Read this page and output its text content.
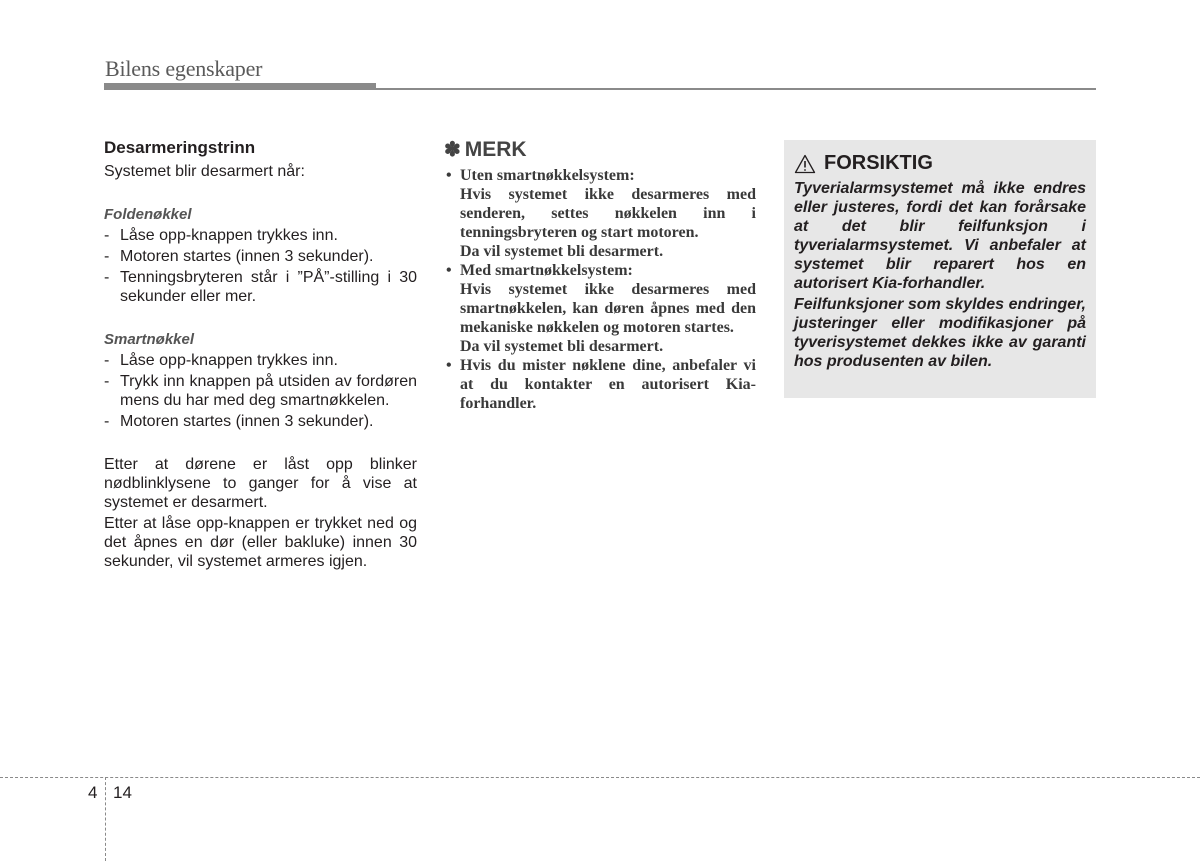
Bilens egenskaper
Desarmeringstrinn

Systemet blir desarmert når:

Foldenøkkel
- Låse opp-knappen trykkes inn.
- Motoren startes (innen 3 sekunder).
- Tenningsbryteren står i ”PÅ”-stilling i 30 sekunder eller mer.
Smartnøkkel
- Låse opp-knappen trykkes inn.
- Trykk inn knappen på utsiden av fordøren mens du har med deg smartnøkkelen.
- Motoren startes (innen 3 sekunder).

Etter at dørene er låst opp blinker nødblinklysene to ganger for å vise at systemet er desarmert.

Etter at låse opp-knappen er trykket ned og det åpnes en dør (eller bakluke) innen 30 sekunder, vil systemet armeres igjen.

✽ MERK
• Uten smartnøkkelsystem:
Hvis systemet ikke desarmeres med senderen, settes nøkkelen inn i tenningsbryteren og start motoren.
Da vil systemet bli desarmert.
• Med smartnøkkelsystem:
Hvis systemet ikke desarmeres med smartnøkkelen, kan døren åpnes med den mekaniske nøkkelen og motoren startes.
Da vil systemet bli desarmert.
• Hvis du mister nøklene dine, anbefaler vi at du kontakter en autorisert Kia-forhandler.
FORSIKTIG

Tyverialarmsystemet må ikke endres eller justeres, fordi det kan forårsake at det blir feilfunksjon i tyverialarmsystemet. Vi anbefaler at systemet blir reparert hos en autorisert Kia-forhandler.

Feilfunksjoner som skyldes endringer, justeringer eller modifikasjoner på tyverisystemet dekkes ikke av garanti hos produsenten av bilen.

4 14
